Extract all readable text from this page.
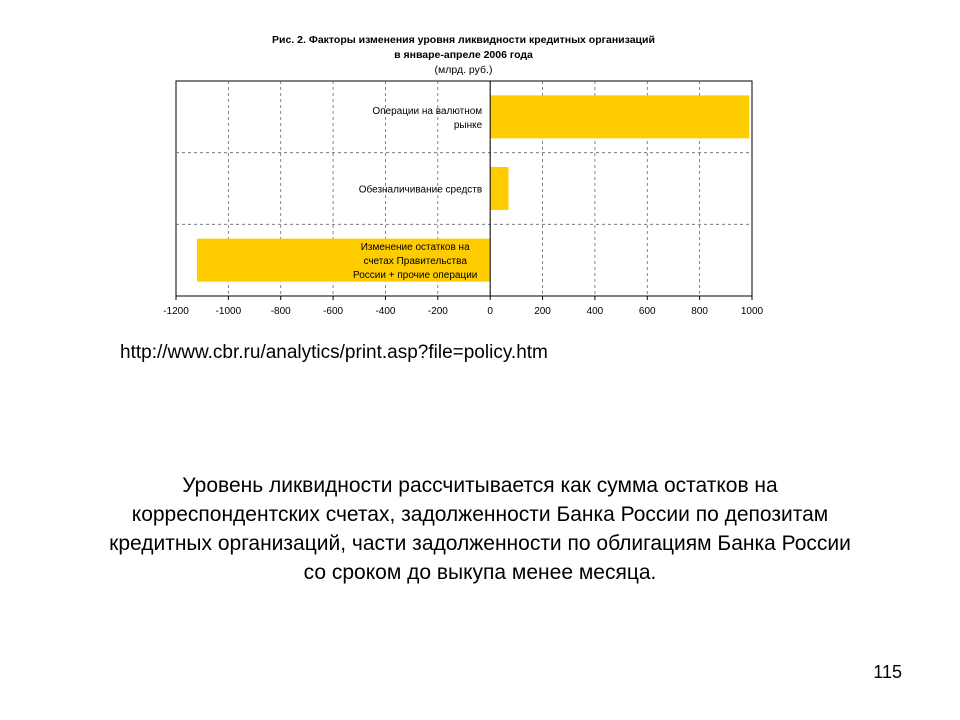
Рис. 2. Факторы изменения уровня ликвидности кредитных организаций
в январе-апреле 2006 года
(млрд. руб.)
-1200	-1000	-800	-600	-400	-200	0	200	400	600	800	1000
Операции на валютном рынке
Обезналичивание средств
Изменение остатков на счетах Правительства России + прочие операции
http://www.cbr.ru/analytics/print.asp?file=policy.htm
Уровень ликвидности рассчитывается как сумма остатков на
корреспондентских счетах, задолженности Банка России по депозитам
кредитных организаций, части задолженности по облигациям Банка России
со сроком до выкупа менее месяца.
115
